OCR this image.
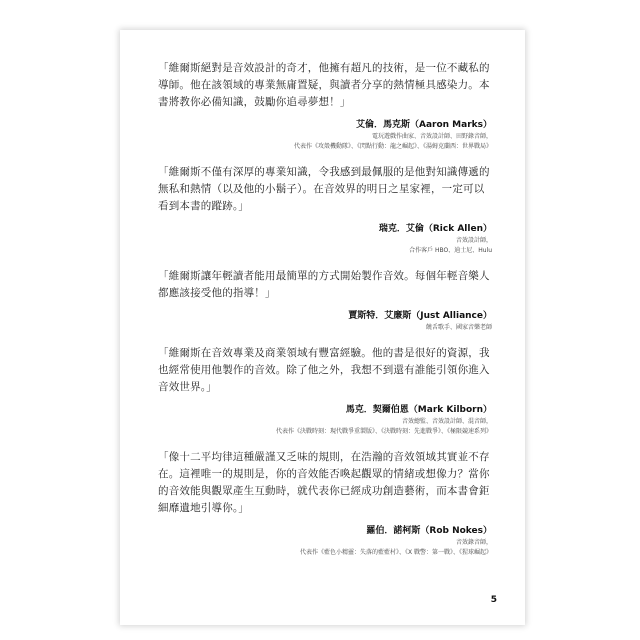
「維爾斯絕對是音效設計的奇才，他擁有超凡的技術，是一位不藏私的導師。他在該領域的專業無庸置疑，與讀者分享的熱情極具感染力。本書將教你必備知識，鼓勵你追尋夢想！」

艾倫．馬克斯（Aaron Marks）
電玩遊戲作曲家、音效設計師、田野錄音師，
代表作《攻殼機動隊》、《閃點行動：龍之崛起》、《湯姆克蘭西：世界戰局》

「維爾斯不僅有深厚的專業知識，令我感到最佩服的是他對知識傳遞的無私和熱情（以及他的小鬍子）。在音效界的明日之星家裡，一定可以看到本書的蹤跡。」

瑞克．艾倫（Rick Allen）
音效設計師，
合作客戶 HBO、迪士尼、Hulu

「維爾斯讓年輕讀者能用最簡單的方式開始製作音效。每個年輕音樂人都應該接受他的指導！」

賈斯特．艾廉斯（Just Alliance）
饒舌歌手、國家音樂老師

「維爾斯在音效專業及商業領域有豐富經驗。他的書是很好的資源，我也經常使用他製作的音效。除了他之外，我想不到還有誰能引領你進入音效世界。」

馬克．契爾伯恩（Mark Kilborn）
音效總監、音效設計師、混音師，
代表作《決戰時刻：現代戰爭重製版》、《決戰時刻：先進戰爭》、《極限競速系列》

「像十二平均律這種嚴謹又乏味的規則，在浩瀚的音效領域其實並不存在。這裡唯一的規則是，你的音效能否喚起觀眾的情緒或想像力？當你的音效能與觀眾產生互動時，就代表你已經成功創造藝術，而本書會鉅細靡遺地引導你。」

羅伯．諾柯斯（Rob Nokes）
音效錄音師，
代表作《藍色小精靈：失落的藍藍村》、《X 戰警：第一戰》、《猩球崛起》
5
